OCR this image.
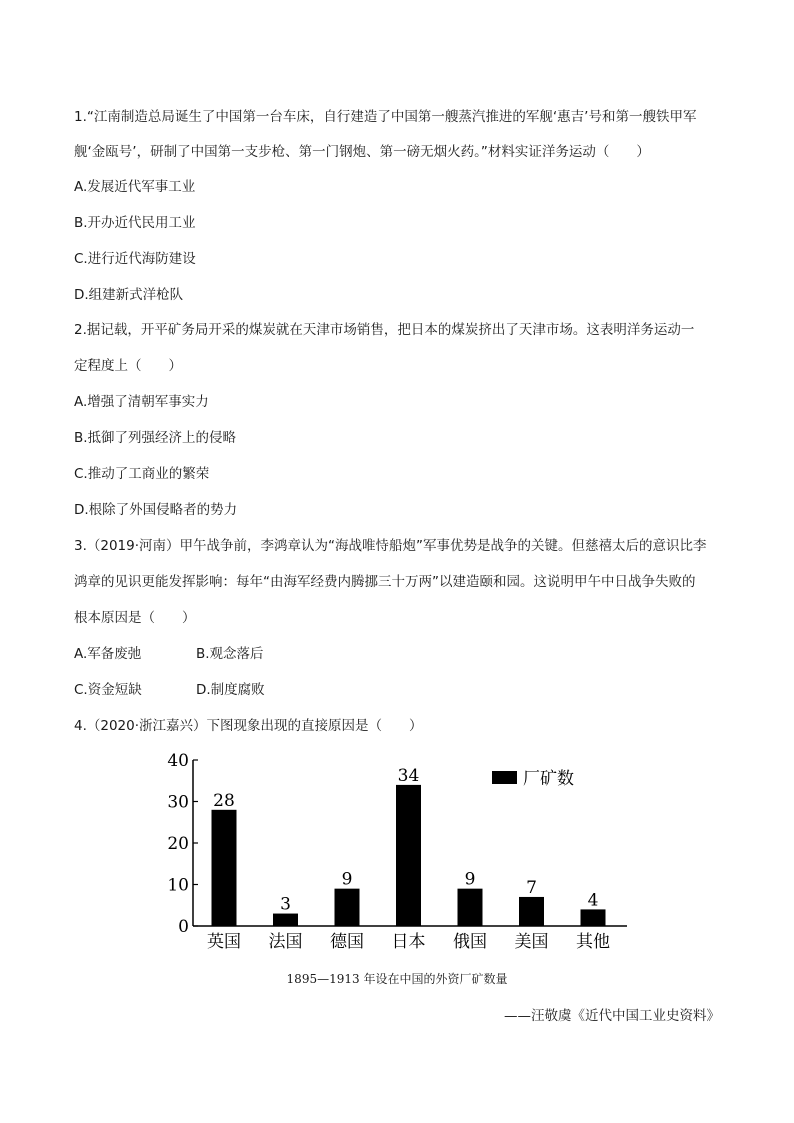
1.“江南制造总局诞生了中国第一台车床，自行建造了中国第一艘蒸汽推进的军舰‘惠吉’号和第一艘铁甲军
舰‘金瓯号’，研制了中国第一支步枪、第一门钢炮、第一磅无烟火药。”材料实证洋务运动（　　）
A.发展近代军事工业
B.开办近代民用工业
C.进行近代海防建设
D.组建新式洋枪队
2.据记载，开平矿务局开采的煤炭就在天津市场销售，把日本的煤炭挤出了天津市场。这表明洋务运动一
定程度上（　　）
A.增强了清朝军事实力
B.抵御了列强经济上的侵略
C.推动了工商业的繁荣
D.根除了外国侵略者的势力
3.（2019·河南）甲午战争前，李鸿章认为“海战唯恃船炮”军事优势是战争的关键。但慈禧太后的意识比李
鸿章的见识更能发挥影响：每年“由海军经费内腾挪三十万两”以建造颐和园。这说明甲午中日战争失败的
根本原因是（　　）
A.军备废弛	B.观念落后
C.资金短缺	D.制度腐败
4.（2020·浙江嘉兴）下图现象出现的直接原因是（　　）
0
10
20
30
40
28
3
9
34
9	7
4
英国 法国 德国 日本 俄国 美国 其他
厂矿数
1895—1913 年设在中国的外资厂矿数量
——汪敬虞《近代中国工业史资料》
